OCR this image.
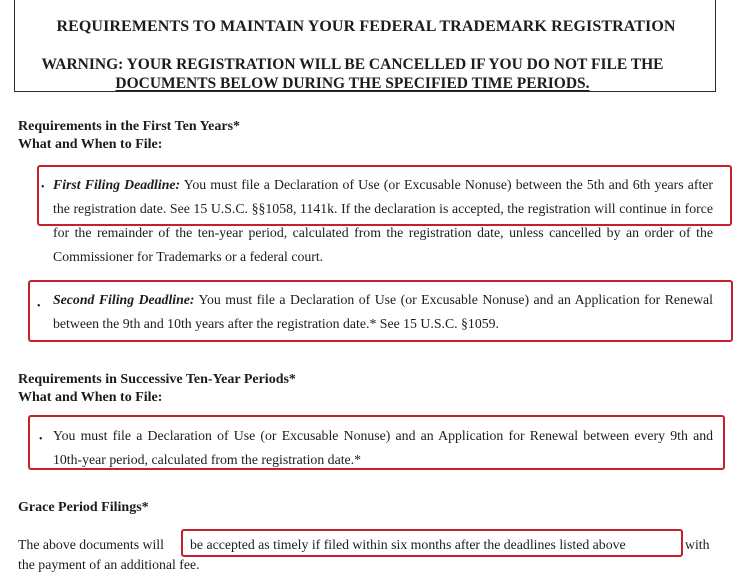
REQUIREMENTS TO MAINTAIN YOUR FEDERAL TRADEMARK REGISTRATION
WARNING: YOUR REGISTRATION WILL BE CANCELLED IF YOU DO NOT FILE THE
DOCUMENTS BELOW DURING THE SPECIFIED TIME PERIODS.
Requirements in the First Ten Years*
What and When to File:
• First Filing Deadline: You must file a Declaration of Use (or Excusable Nonuse) between the 5th and 6th years after the registration date. See 15 U.S.C. §§1058, 1141k. If the declaration is accepted, the registration will continue in force for the remainder of the ten-year period, calculated from the registration date, unless cancelled by an order of the Commissioner for Trademarks or a federal court.
• Second Filing Deadline: You must file a Declaration of Use (or Excusable Nonuse) and an Application for Renewal between the 9th and 10th years after the registration date.* See 15 U.S.C. §1059.
Requirements in Successive Ten-Year Periods*
What and When to File:
• You must file a Declaration of Use (or Excusable Nonuse) and an Application for Renewal between every 9th and 10th-year period, calculated from the registration date.*
Grace Period Filings*
The above documents will be accepted as timely if filed within six months after the deadlines listed above	with
the payment of an additional fee.
